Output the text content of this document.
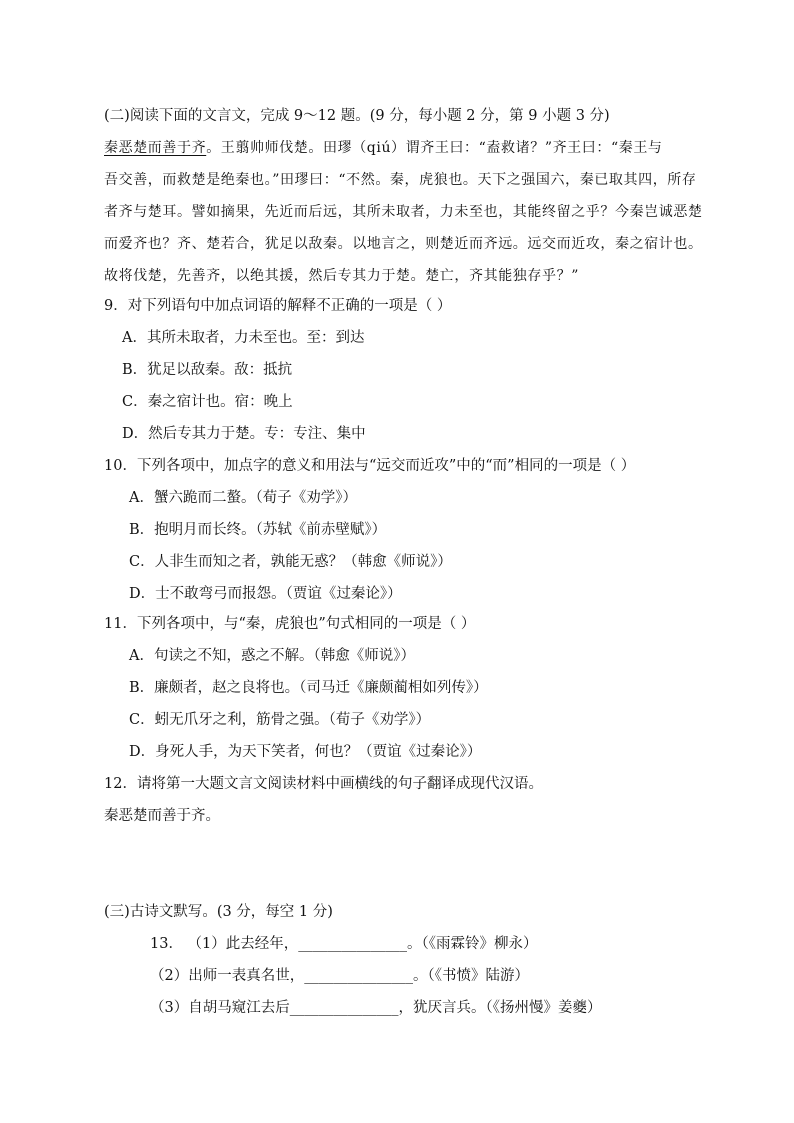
(二)阅读下面的文言文，完成 9～12 题。(9 分，每小题 2 分，第 9 小题 3 分)
秦恶楚而善于齐。王翦帅师伐楚。田璆（qiú）谓齐王曰：“盍救诸？”齐王曰：“秦王与
吾交善，而救楚是绝秦也。”田璆曰：“不然。秦，虎狼也。天下之强国六，秦已取其四，所存
者齐与楚耳。譬如摘果，先近而后远，其所未取者，力未至也，其能终留之乎？今秦岂诚恶楚
而爱齐也？齐、楚若合，犹足以敌秦。以地言之，则楚近而齐远。远交而近攻，秦之宿计也。
故将伐楚，先善齐，以绝其援，然后专其力于楚。楚亡，齐其能独存乎？”
9．对下列语句中加点词语的解释不正确的一项是（ ）
A．其所未取者，力未至也。至：到达
B．犹足以敌秦。敌：抵抗
C．秦之宿计也。宿：晚上
D．然后专其力于楚。专：专注、集中
10．下列各项中，加点字的意义和用法与“远交而近攻”中的“而”相同的一项是（ ）
A．蟹六跪而二螯。（荀子《劝学》）
B．抱明月而长终。（苏轼《前赤壁赋》）
C．人非生而知之者，孰能无惑？（韩愈《师说》）
D．士不敢弯弓而报怨。（贾谊《过秦论》）
11．下列各项中，与“秦，虎狼也”句式相同的一项是（ ）
A．句读之不知，惑之不解。（韩愈《师说》）
B．廉颇者，赵之良将也。（司马迁《廉颇蔺相如列传》）
C．蚓无爪牙之利，筋骨之强。（荀子《劝学》）
D．身死人手，为天下笑者，何也？（贾谊《过秦论》）
12．请将第一大题文言文阅读材料中画横线的句子翻译成现代汉语。
秦恶楚而善于齐。
(三)古诗文默写。(3 分，每空 1 分)
13． （1）此去经年，_______________。（《雨霖铃》柳永）
（2）出师一表真名世，_______________。（《书愤》陆游）
（3）自胡马窥江去后_______________，犹厌言兵。（《扬州慢》姜夔）
